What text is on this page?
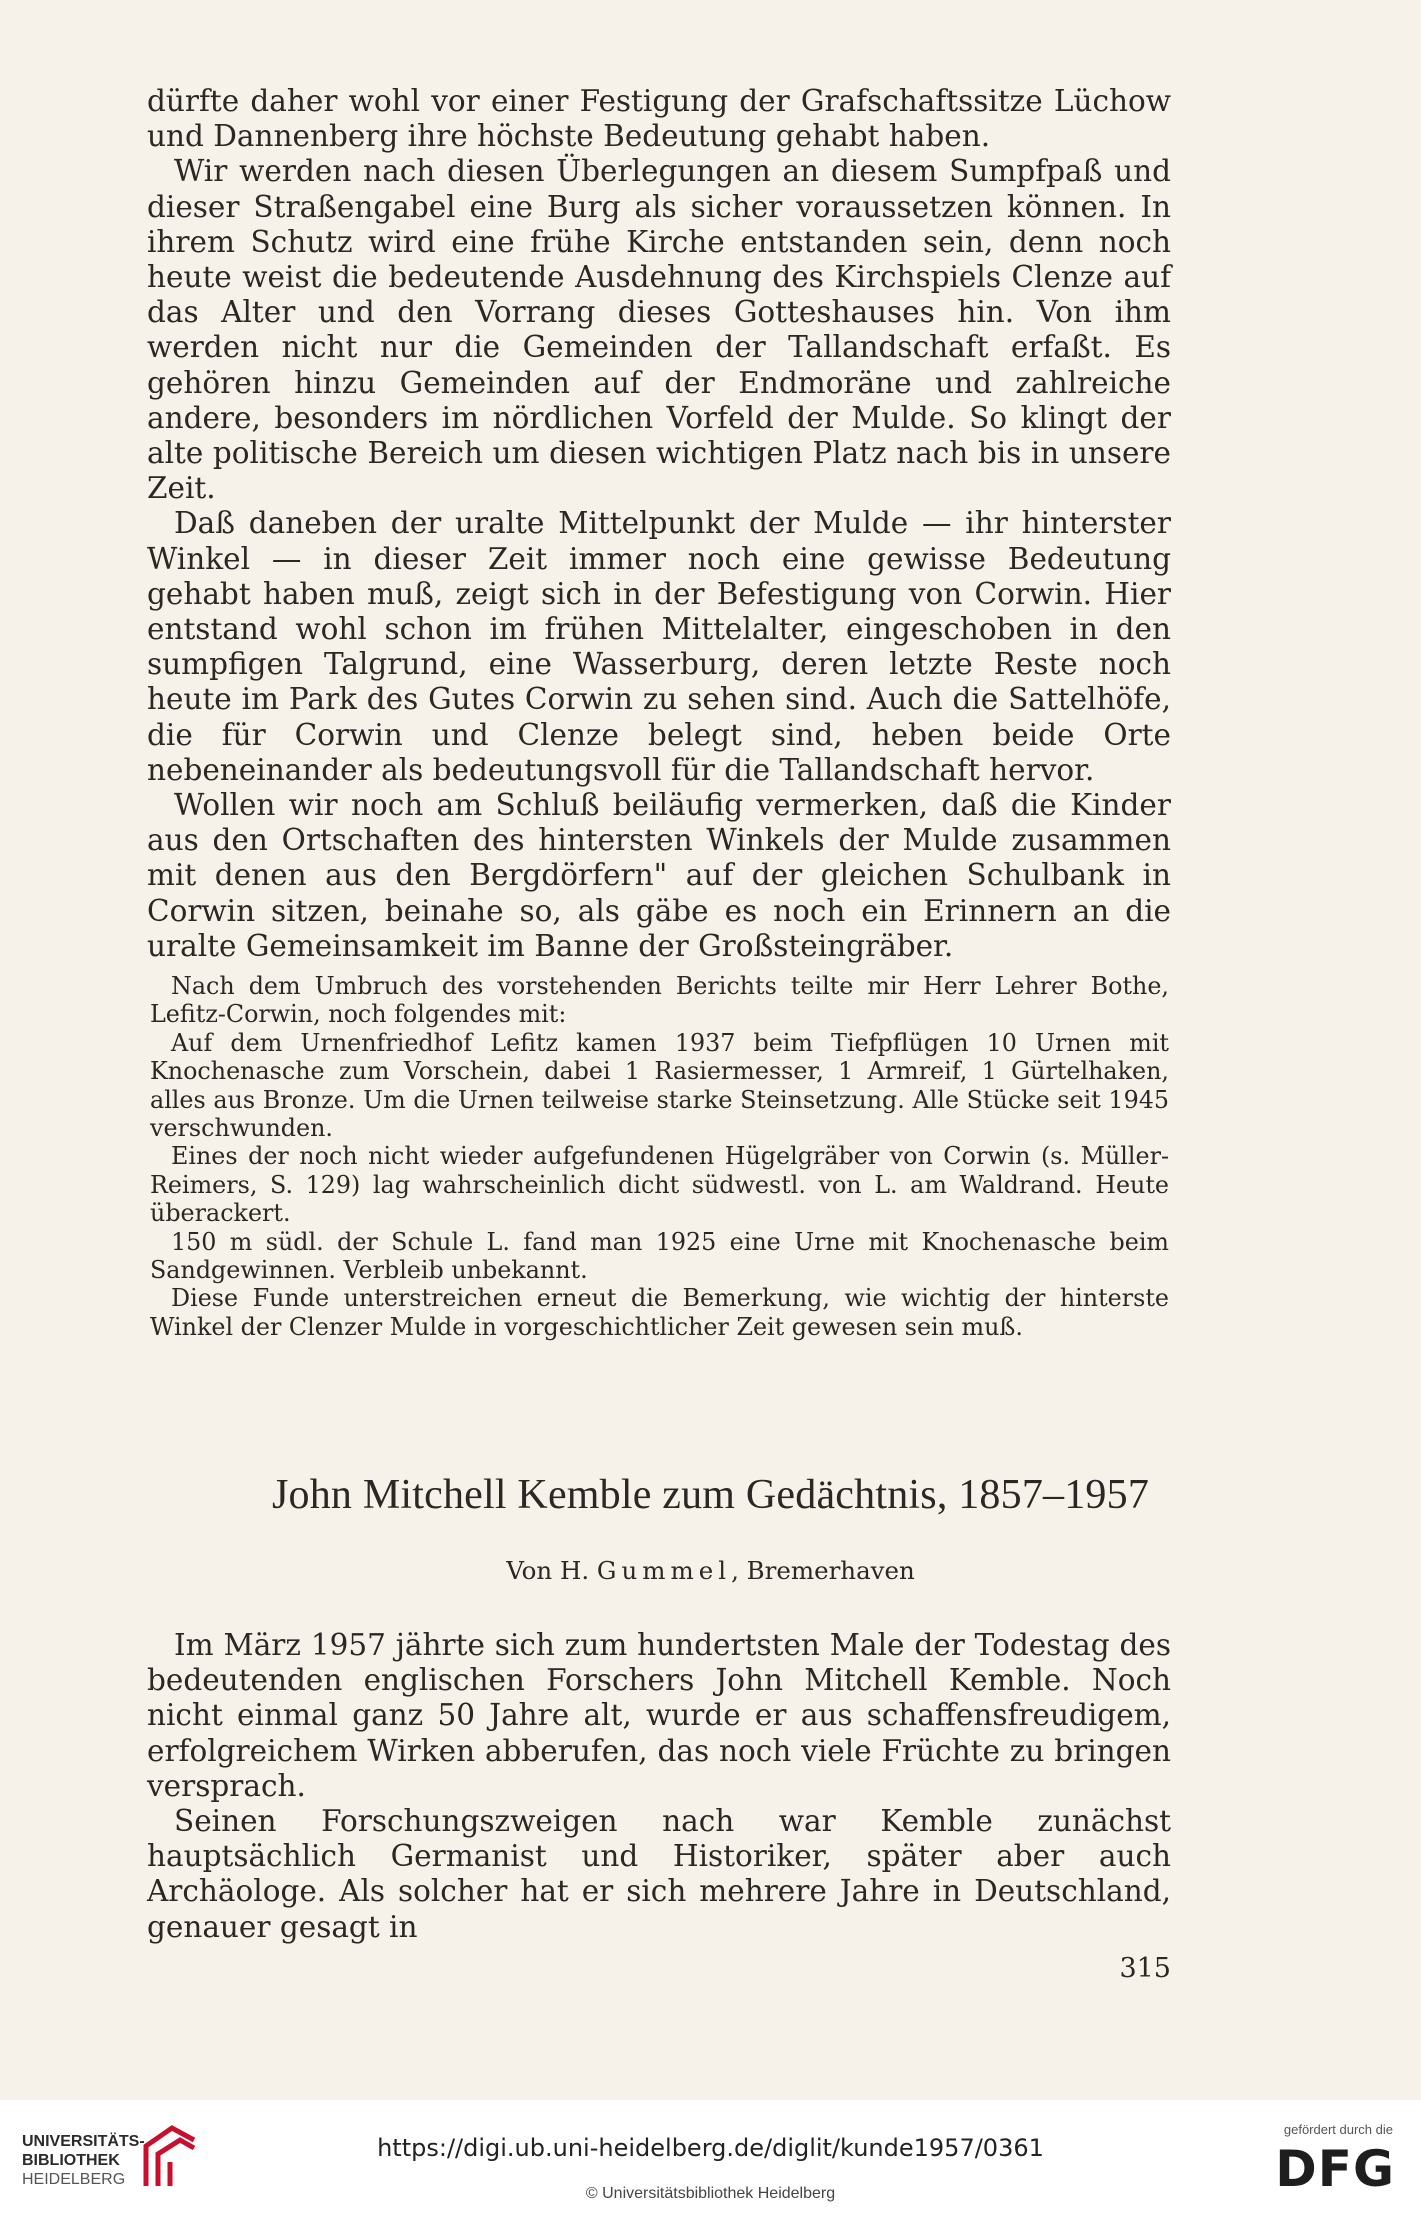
dürfte daher wohl vor einer Festigung der Grafschaftssitze Lüchow und Dannenberg ihre höchste Bedeutung gehabt haben.

Wir werden nach diesen Überlegungen an diesem Sumpfpaß und dieser Straßengabel eine Burg als sicher voraussetzen können. In ihrem Schutz wird eine frühe Kirche entstanden sein, denn noch heute weist die bedeutende Ausdehnung des Kirchspiels Clenze auf das Alter und den Vorrang dieses Gotteshauses hin. Von ihm werden nicht nur die Gemeinden der Tallandschaft erfaßt. Es gehören hinzu Gemeinden auf der Endmoräne und zahlreiche andere, besonders im nördlichen Vorfeld der Mulde. So klingt der alte politische Bereich um diesen wichtigen Platz nach bis in unsere Zeit.

Daß daneben der uralte Mittelpunkt der Mulde — ihr hinterster Winkel — in dieser Zeit immer noch eine gewisse Bedeutung gehabt haben muß, zeigt sich in der Befestigung von Corwin. Hier entstand wohl schon im frühen Mittelalter, eingeschoben in den sumpfigen Talgrund, eine Wasserburg, deren letzte Reste noch heute im Park des Gutes Corwin zu sehen sind. Auch die Sattelhöfe, die für Corwin und Clenze belegt sind, heben beide Orte nebeneinander als bedeutungsvoll für die Tallandschaft hervor.

Wollen wir noch am Schluß beiläufig vermerken, daß die Kinder aus den Ortschaften des hintersten Winkels der Mulde zusammen mit denen aus den Bergdörfern" auf der gleichen Schulbank in Corwin sitzen, beinahe so, als gäbe es noch ein Erinnern an die uralte Gemeinsamkeit im Banne der Großsteingräber.

Nach dem Umbruch des vorstehenden Berichts teilte mir Herr Lehrer Bothe, Lefitz-Corwin, noch folgendes mit:

Auf dem Urnenfriedhof Lefitz kamen 1937 beim Tiefpflügen 10 Urnen mit Knochenasche zum Vorschein, dabei 1 Rasiermesser, 1 Armreif, 1 Gürtelhaken, alles aus Bronze. Um die Urnen teilweise starke Steinsetzung. Alle Stücke seit 1945 verschwunden.

Eines der noch nicht wieder aufgefundenen Hügelgräber von Corwin (s. Müller-Reimers, S. 129) lag wahrscheinlich dicht südwestl. von L. am Waldrand. Heute überackert.

150 m südl. der Schule L. fand man 1925 eine Urne mit Knochenasche beim Sandgewinnen. Verbleib unbekannt.

Diese Funde unterstreichen erneut die Bemerkung, wie wichtig der hinterste Winkel der Clenzer Mulde in vorgeschichtlicher Zeit gewesen sein muß.

John Mitchell Kemble zum Gedächtnis, 1857–1957

Von H. Gummel, Bremerhaven

Im März 1957 jährte sich zum hundertsten Male der Todestag des bedeutenden englischen Forschers John Mitchell Kemble. Noch nicht einmal ganz 50 Jahre alt, wurde er aus schaffensfreudigem, erfolgreichem Wirken abberufen, das noch viele Früchte zu bringen versprach.

Seinen Forschungszweigen nach war Kemble zunächst hauptsächlich Germanist und Historiker, später aber auch Archäologe. Als solcher hat er sich mehrere Jahre in Deutschland, genauer gesagt in

315
UNIVERSITÄTS-
BIBLIOTHEK
HEIDELBERG
https://digi.ub.uni-heidelberg.de/diglit/kunde1957/0361
© Universitätsbibliothek Heidelberg
gefördert durch die
DFG
